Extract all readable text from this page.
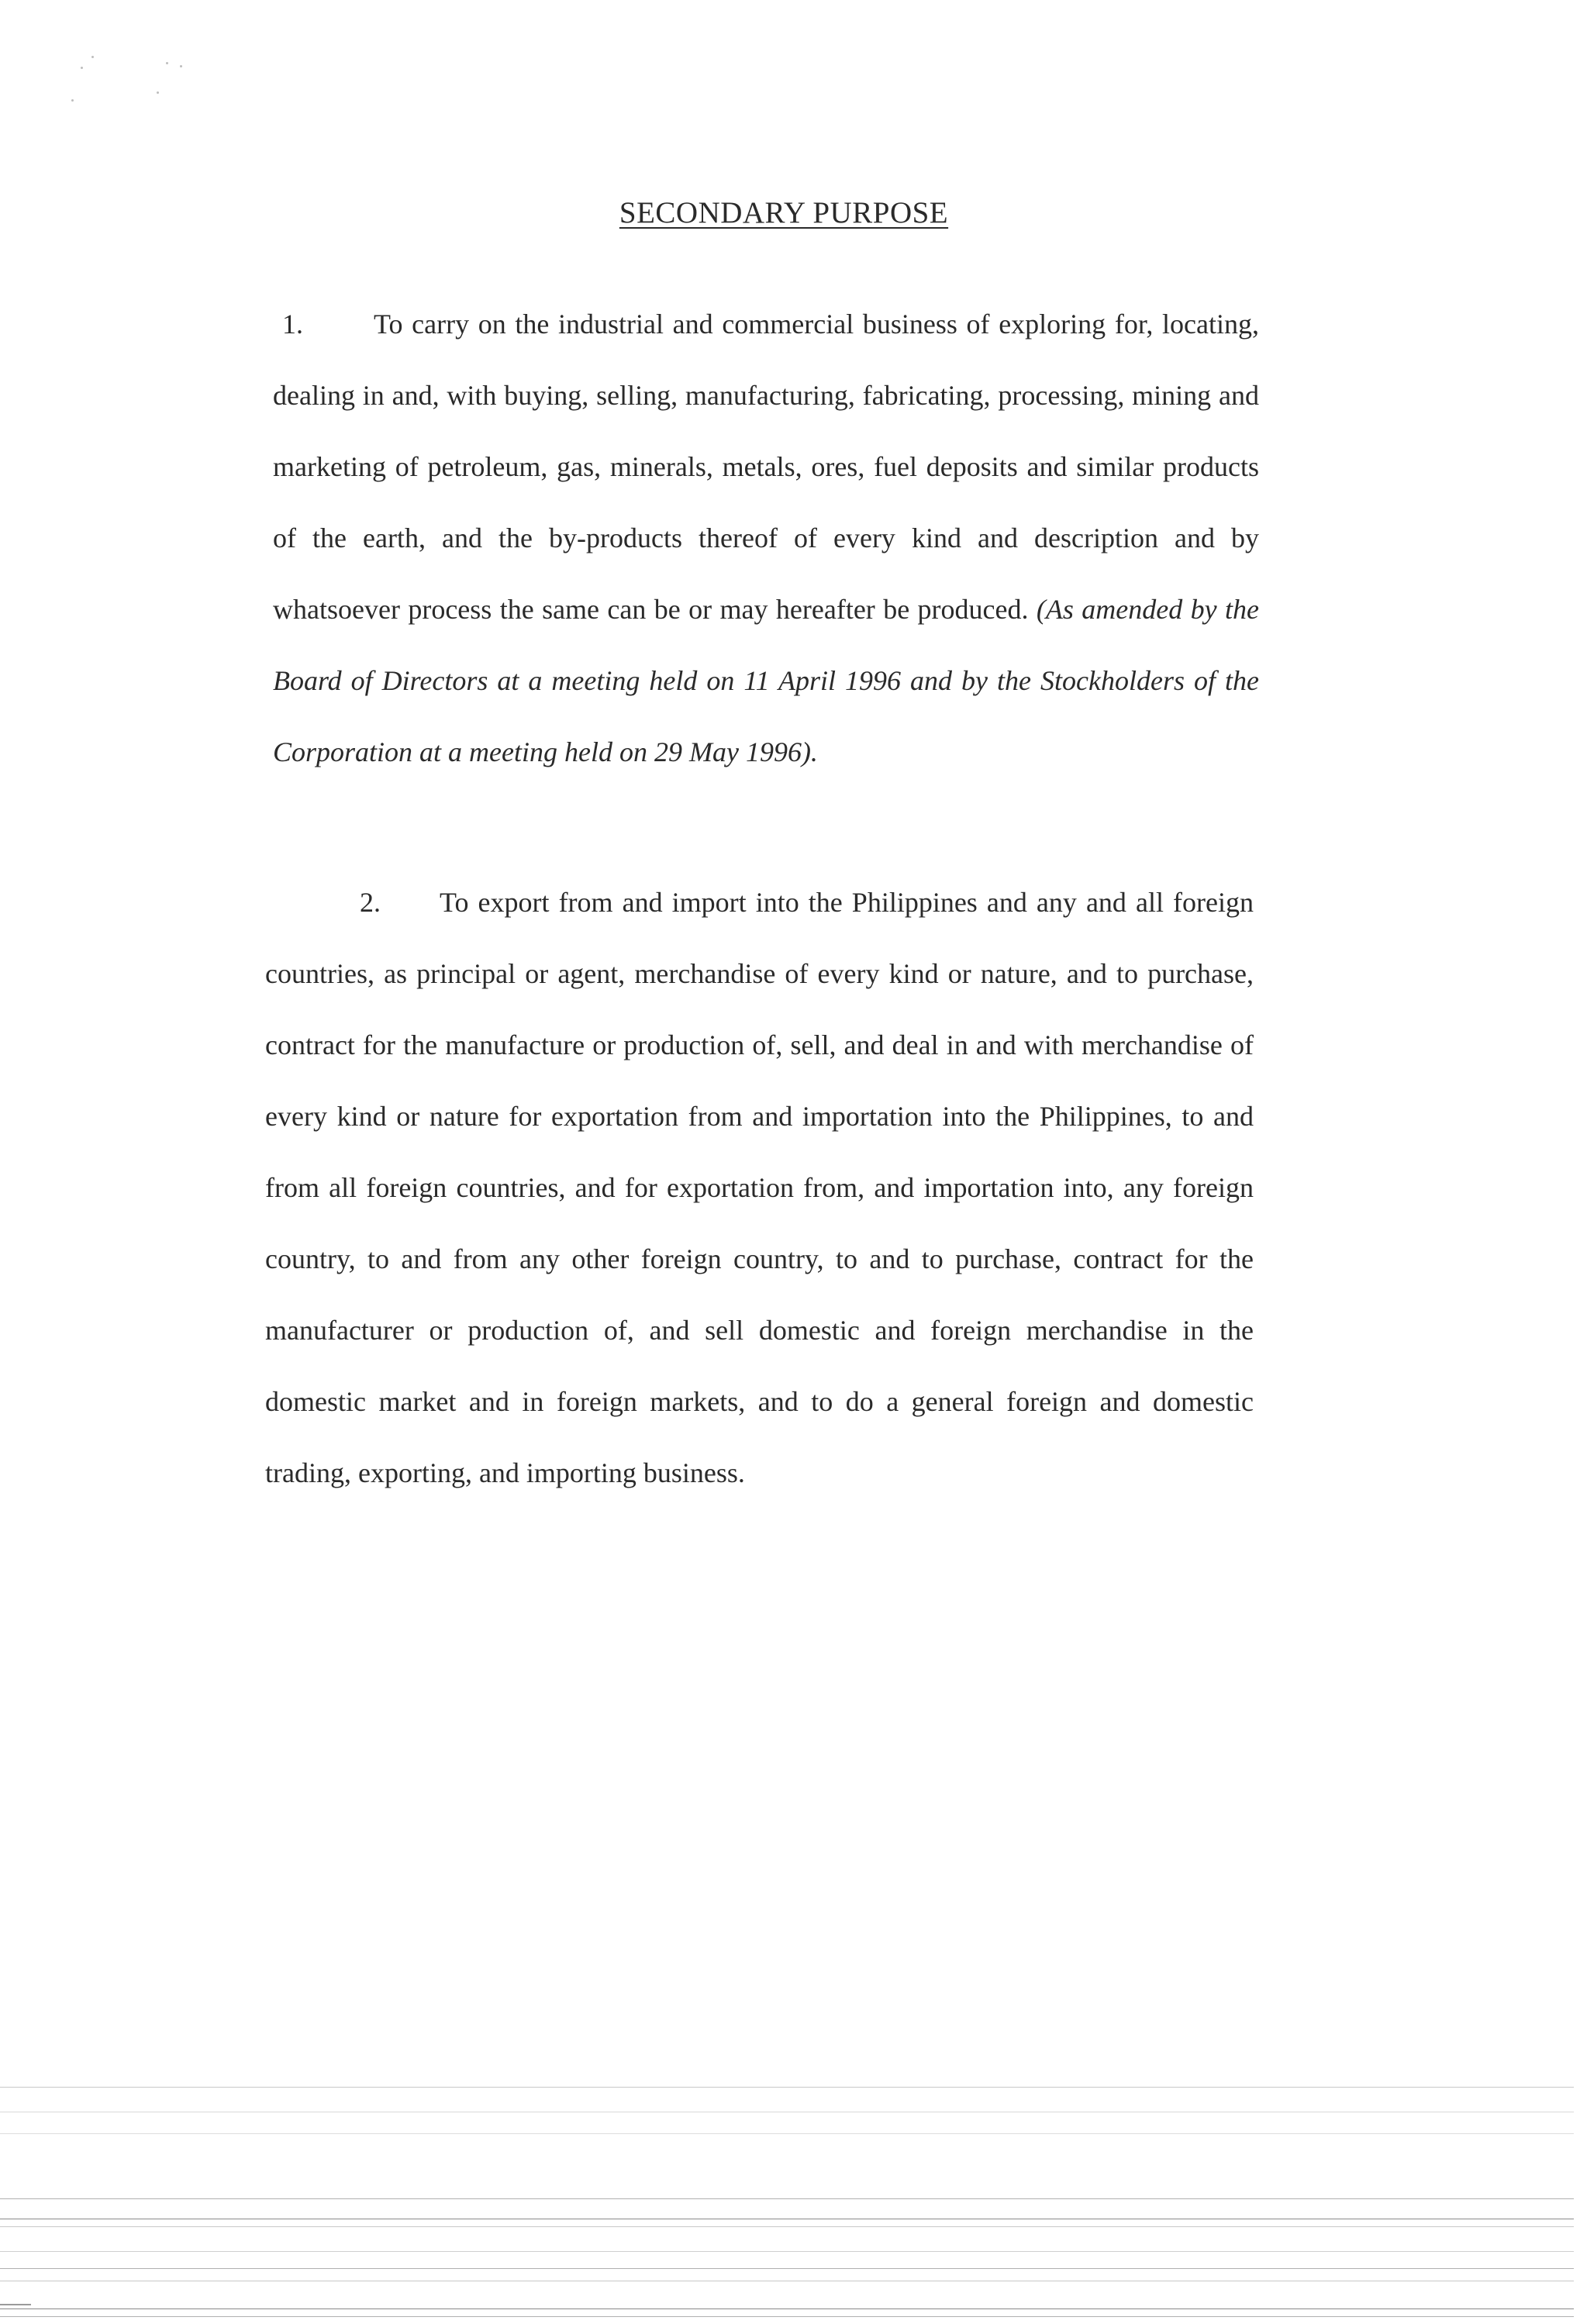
SECONDARY PURPOSE

1.	To carry on the industrial and commercial business of exploring for, locating, dealing in and, with buying, selling, manufacturing, fabricating, processing, mining and marketing of petroleum, gas, minerals, metals, ores, fuel deposits and similar products of the earth, and the by-products thereof of every kind and description and by whatsoever process the same can be or may hereafter be produced. (As amended by the Board of Directors at a meeting held on 11 April 1996 and by the Stockholders of the Corporation at a meeting held on 29 May 1996).

2. To export from and import into the Philippines and any and all foreign countries, as principal or agent, merchandise of every kind or nature, and to purchase, contract for the manufacture or production of, sell, and deal in and with merchandise of every kind or nature for exportation from and importation into the Philippines, to and from all foreign countries, and for exportation from, and importation into, any foreign country, to and from any other foreign country, to and to purchase, contract for the manufacturer or production of, and sell domestic and foreign merchandise in the domestic market and in foreign markets, and to do a general foreign and domestic trading, exporting, and importing business.
